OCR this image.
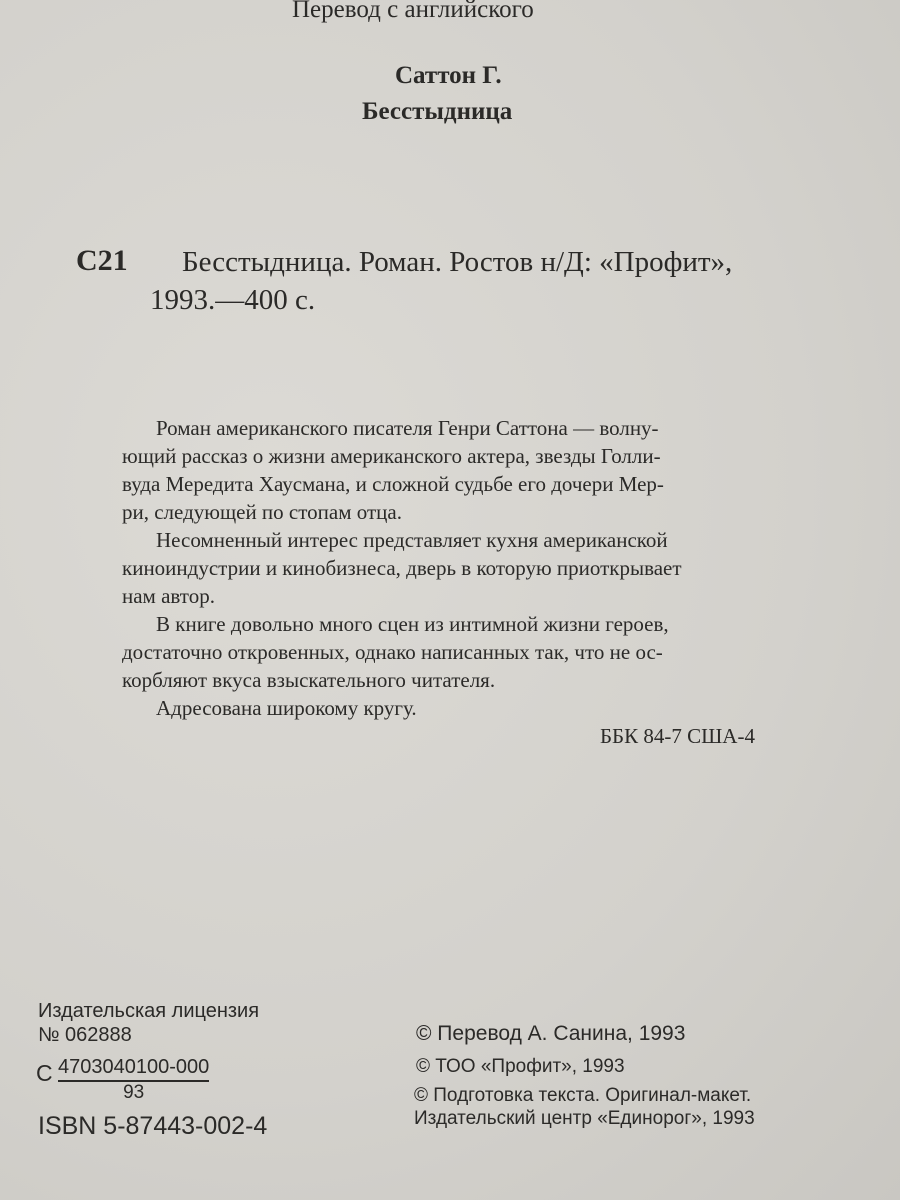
Перевод с английского
Саттон Г.
Бесстыдница
С21 Бесстыдница. Роман. Ростов н/Д: «Профит»,
1993.—400 с.
Роман американского писателя Генри Саттона — волну-
ющий рассказ о жизни американского актера, звезды Голли-
вуда Мередита Хаусмана, и сложной судьбе его дочери Мер-
ри, следующей по стопам отца.
Несомненный интерес представляет кухня американской
киноиндустрии и кинобизнеса, дверь в которую приоткрывает
нам автор.
В книге довольно много сцен из интимной жизни героев,
достаточно откровенных, однако написанных так, что не ос-
корбляют вкуса взыскательного читателя.
Адресована широкому кругу.
ББК 84-7 США-4
Издательская лицензия
№ 062888
С $\frac{4703040100-000}{93}$
ISBN 5-87443-002-4
© Перевод А. Санина, 1993
© ТОО «Профит», 1993
© Подготовка текста. Оригинал-макет.
Издательский центр «Единорог», 1993
